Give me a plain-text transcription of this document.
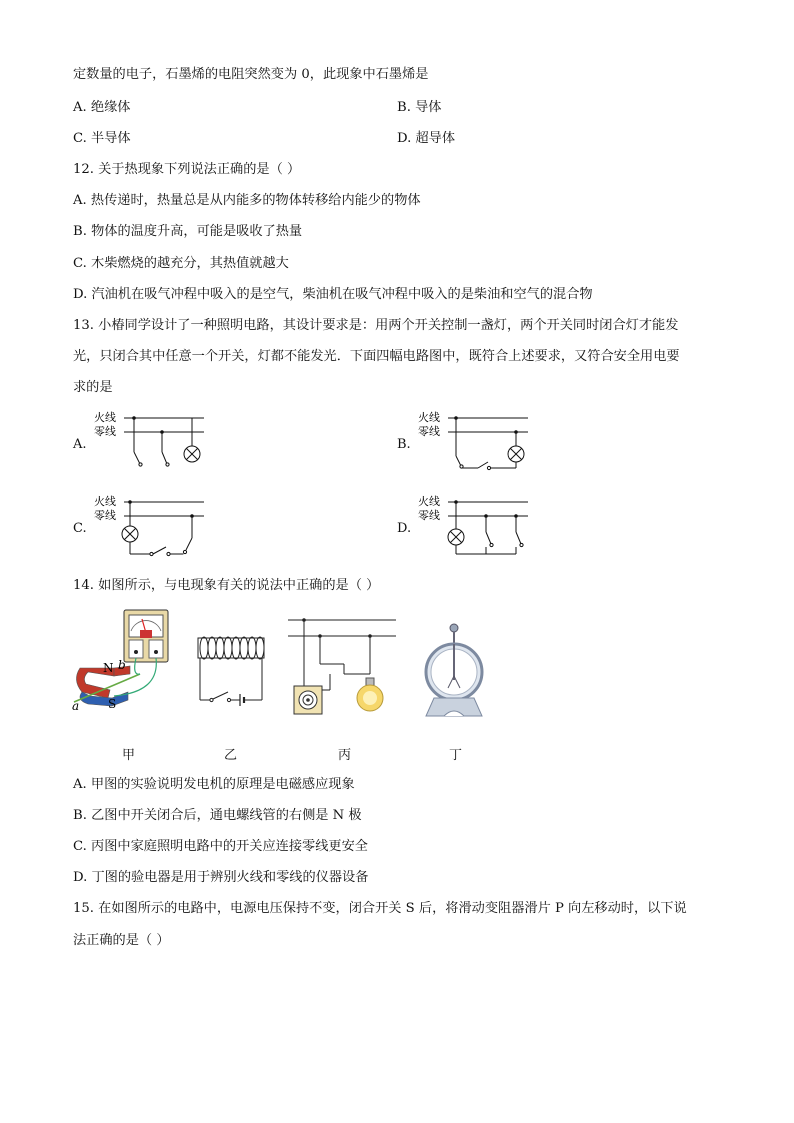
定数量的电子，石墨烯的电阻突然变为 0，此现象中石墨烯是
A. 绝缘体	B. 导体
C. 半导体	D. 超导体
12. 关于热现象下列说法正确的是（ ）
A. 热传递时，热量总是从内能多的物体转移给内能少的物体
B. 物体的温度升高，可能是吸收了热量
C. 木柴燃烧的越充分，其热值就越大
D. 汽油机在吸气冲程中吸入的是空气，柴油机在吸气冲程中吸入的是柴油和空气的混合物
13. 小椿同学设计了一种照明电路，其设计要求是：用两个开关控制一盏灯，两个开关同时闭合灯才能发
光，只闭合其中任意一个开关，灯都不能发光．下面四幅电路图中，既符合上述要求，又符合安全用电要
求的是
A.
火线
零线
B.
火线
零线
C.
火线
零线
D.
火线
零线
14. 如图所示，与电现象有关的说法中正确的是（ ）
N
S
a
b
甲	乙	丙	丁
A. 甲图的实验说明发电机的原理是电磁感应现象
B. 乙图中开关闭合后，通电螺线管的右侧是 N 极
C. 丙图中家庭照明电路中的开关应连接零线更安全
D. 丁图的验电器是用于辨别火线和零线的仪器设备
15. 在如图所示的电路中，电源电压保持不变，闭合开关 S 后，将滑动变阻器滑片 P 向左移动时，以下说
法正确的是（ ）
